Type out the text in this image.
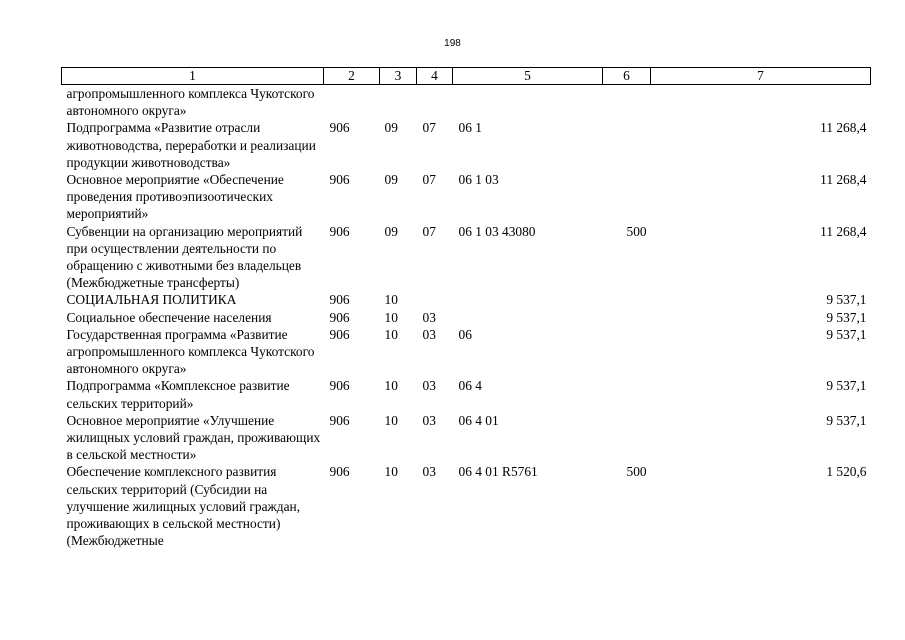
198
1	2	3	4	5	6	7
агропромышленного комплекса Чукотского автономного округа»						
Подпрограмма «Развитие отрасли животноводства, переработки и реализации продукции животноводства»	906	09	07	06 1		11 268,4
Основное мероприятие «Обеспечение проведения противоэпизоотических мероприятий»	906	09	07	06 1 03		11 268,4
Субвенции на организацию мероприятий при осуществлении деятельности по обращению с животными без владельцев (Межбюджетные трансферты)	906	09	07	06 1 03 43080	500	11 268,4
СОЦИАЛЬНАЯ ПОЛИТИКА	906	10				9 537,1
Социальное обеспечение населения	906	10	03			9 537,1
Государственная программа «Развитие агропромышленного комплекса Чукотского автономного округа»	906	10	03	06		9 537,1
Подпрограмма «Комплексное развитие сельских территорий»	906	10	03	06 4		9 537,1
Основное мероприятие «Улучшение жилищных условий граждан, проживающих в сельской местности»	906	10	03	06 4 01		9 537,1
Обеспечение комплексного развития сельских территорий (Субсидии на улучшение жилищных условий граждан, проживающих в сельской местности) (Межбюджетные	906	10	03	06 4 01 R5761	500	1 520,6
